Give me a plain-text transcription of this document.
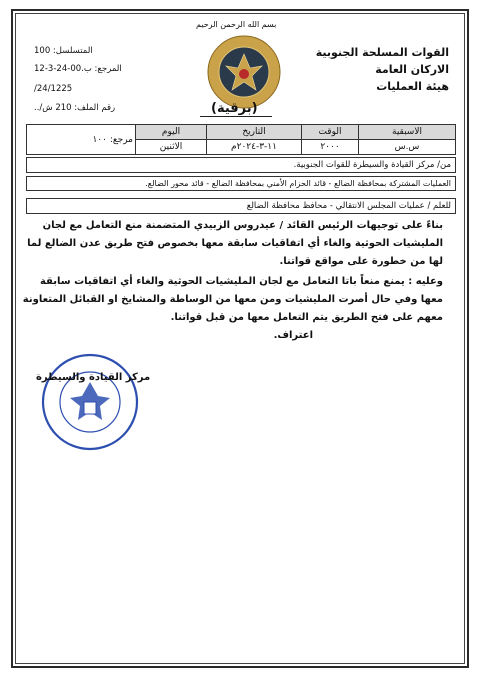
بسم الله الرحمن الرحيم
القوات المسلحة الجنوبية
الاركان العامة
هيئة العمليات
المتسلسل: 100
المرجع: ب.00-24-3-12
24/1225/
رقم الملف: 210 ش/..	(برقية)
الاسبقية	الوقت	التاريخ	اليوم	مرجع: ١٠٠
س.س	٢٠٠٠	١١-٣-٢٠٢٤م	الاثنين	
من/ مركز القيادة والسيطرة للقوات الجنوبية.
العمليات المشتركة بمحافظة الضالع - قائد الحزام الأمني بمحافظة الضالع - قائد محور الضالع.
للعلم / عمليات المجلس الانتقالي - محافظ محافظة الضالع
بناءً على توجيهات الرئيس القائد / عيدروس الزبيدي المتضمنة منع التعامل مع لجان
المليشيات الحوثية والغاء أي اتفاقيات سابقة معها بخصوص فتح طريق عدن الضالع لما
لها من خطورة على مواقع قواتنا.
وعليه : يمنع منعاً باتا التعامل مع لجان المليشيات الحوثية والغاء أي اتفاقيات سابقة
معها وفي حال أصرت المليشيات ومن معها من الوساطة والمشايخ او القبائل المتعاونة
معهم على فتح الطريق يتم التعامل معها من قبل قواتنا.
اعتراف.
مركز القيادة والسيطرة
